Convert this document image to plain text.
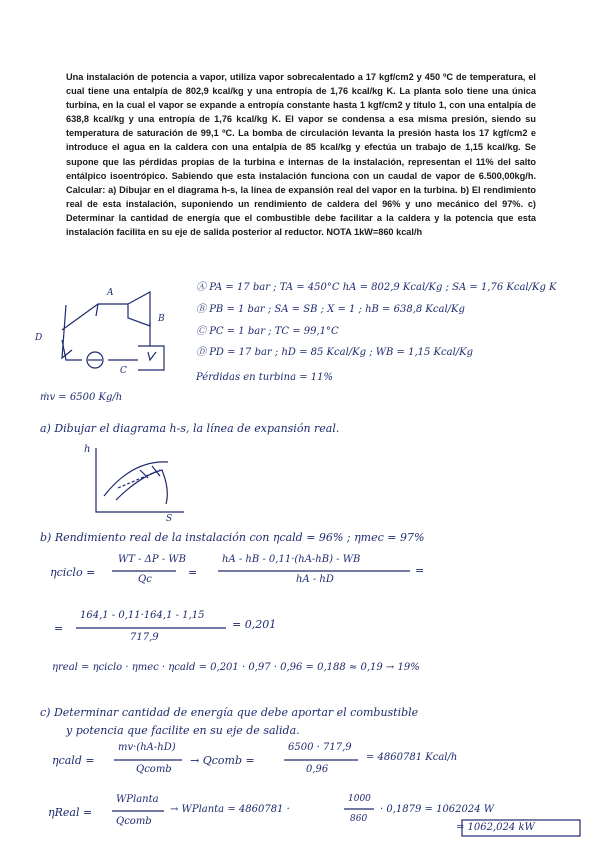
Una instalación de potencia a vapor, utiliza vapor sobrecalentado a 17 kgf/cm2 y 450 ºC de temperatura, el cual tiene una entalpía de 802,9 kcal/kg y una entropía de 1,76 kcal/kg K. La planta solo tiene una única turbina, en la cual el vapor se expande a entropía constante hasta 1 kgf/cm2 y título 1, con una entalpía de 638,8 kcal/kg y una entropía de 1,76 kcal/kg K. El vapor se condensa a esa misma presión, siendo su temperatura de saturación de 99,1 ºC. La bomba de circulación levanta la presión hasta los 17 kgf/cm2 e introduce el agua en la caldera con una entalpía de 85 kcal/kg y efectúa un trabajo de 1,15 kcal/kg. Se supone que las pérdidas propias de la turbina e internas de la instalación, representan el 11% del salto entálpico isoentrópico. Sabiendo que esta instalación funciona con un caudal de vapor de 6.500,00kg/h. Calcular: a) Dibujar en el diagrama h-s, la línea de expansión real del vapor en la turbina. b) El rendimiento real de esta instalación, suponiendo un rendimiento de caldera del 96% y uno mecánico del 97%. c) Determinar la cantidad de energía que el combustible debe facilitar a la caldera y la potencia que esta instalación facilita en su eje de salida posterior al reductor. NOTA 1kW=860 kcal/h
A
B
C
D
ṁv = 6500 Kg/h
Ⓐ PA = 17 bar ; TA = 450°C hA = 802,9 Kcal/Kg ; SA = 1,76 Kcal/Kg K
Ⓑ PB = 1 bar ; SA = SB ; X = 1 ; hB = 638,8 Kcal/Kg
Ⓒ PC = 1 bar ; TC = 99,1°C
Ⓓ PD = 17 bar ; hD = 85 Kcal/Kg ; WB = 1,15 Kcal/Kg
Pérdidas en turbina = 11%
a) Dibujar el diagrama h-s, la línea de expansión real.
h
S
b) Rendimiento real de la instalación con ηcald = 96% ; ηmec = 97%
ηciclo =
WT - ΔP - WB
Qc
=
hA - hB - 0,11·(hA-hB) - WB
hA - hD
=
=
164,1 - 0,11·164,1 - 1,15
717,9
= 0,201
ηreal = ηciclo · ηmec · ηcald = 0,201 · 0,97 · 0,96 = 0,188 ≈ 0,19 → 19%
c) Determinar cantidad de energía que debe aportar el combustible
y potencia que facilite en su eje de salida.
ηcald =
mv·(hA-hD)
Qcomb
→ Qcomb =
6500 · 717,9
0,96
= 4860781 Kcal/h
ηReal =
WPlanta
Qcomb
→ WPlanta = 4860781 ·
1000
860
· 0,1879 = 1062024 W
= 1062,024 kW
